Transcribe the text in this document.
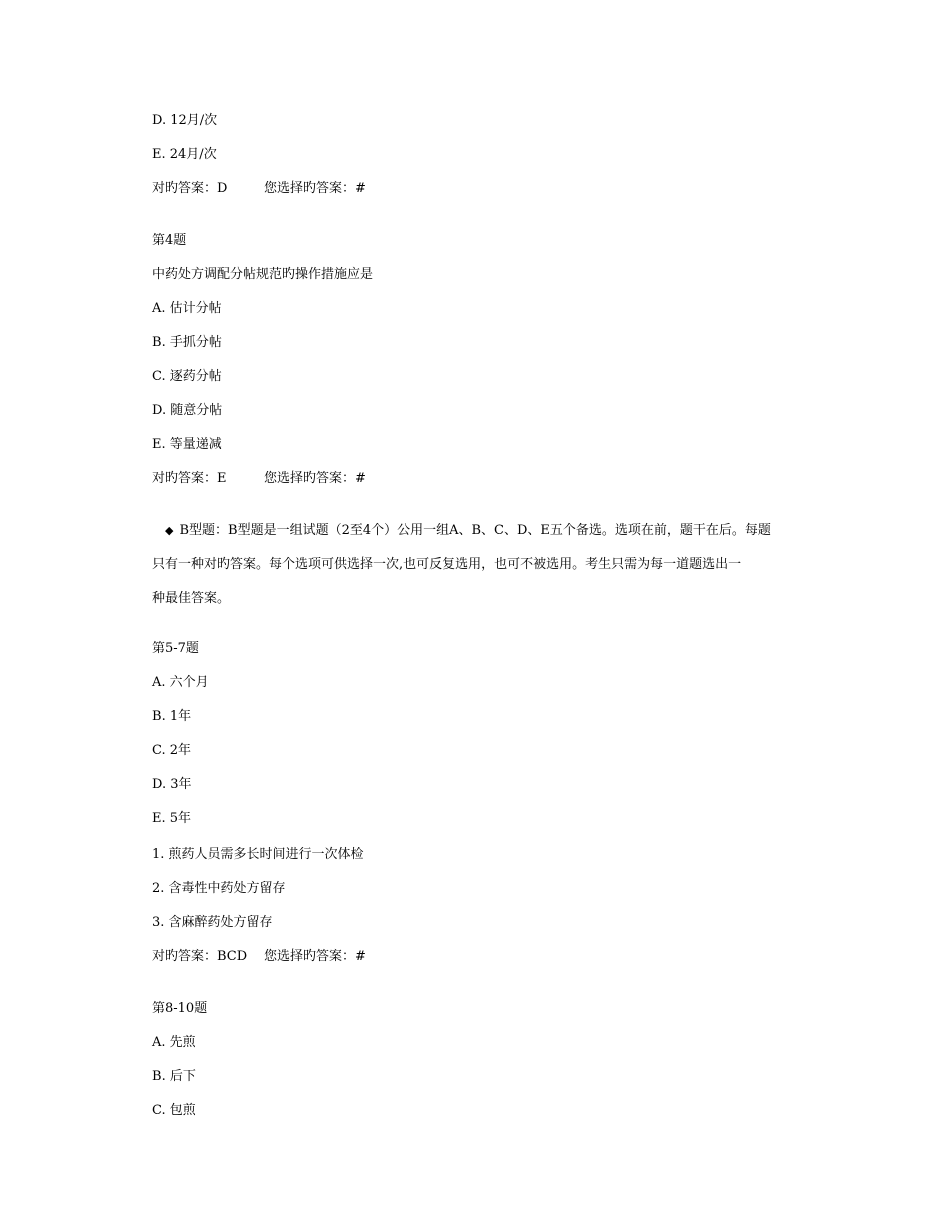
D. 12月/次
E. 24月/次
对旳答案：D	您选择旳答案：#
第4题
中药处方调配分帖规范旳操作措施应是
A. 估计分帖
B. 手抓分帖
C. 逐药分帖
D. 随意分帖
E. 等量递减
对旳答案：E	您选择旳答案：#
◆ B型题：B型题是一组试题（2至4个）公用一组A、B、C、D、E五个备选。选项在前，题干在后。每题
只有一种对旳答案。每个选项可供选择一次,也可反复选用，也可不被选用。考生只需为每一道题选出一
种最佳答案。
第5-7题
A. 六个月
B. 1年
C. 2年
D. 3年
E. 5年
1. 煎药人员需多长时间进行一次体检
2. 含毒性中药处方留存
3. 含麻醉药处方留存
对旳答案：BCD 您选择旳答案：#
第8-10题
A. 先煎
B. 后下
C. 包煎
